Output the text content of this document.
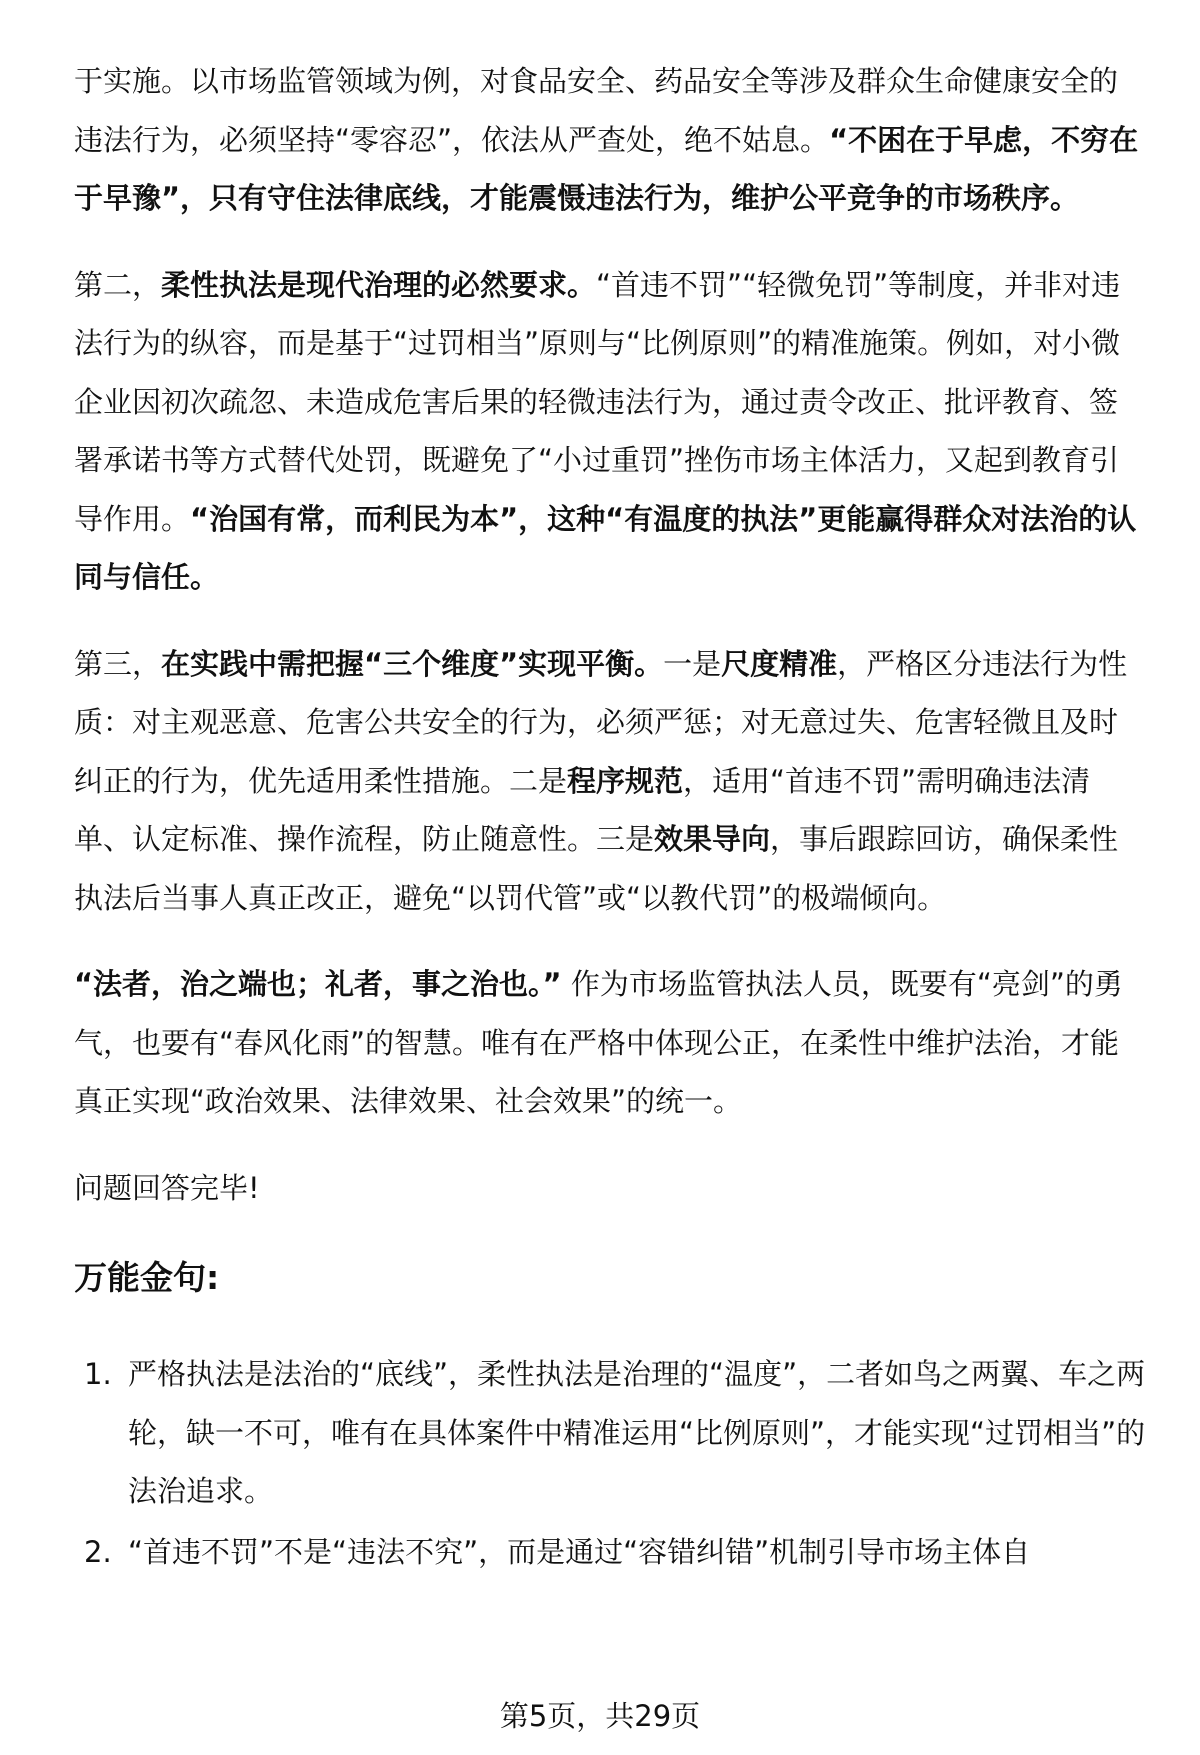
于实施。以市场监管领域为例，对食品安全、药品安全等涉及群众生命健康安全的违法行为，必须坚持“零容忍”，依法从严查处，绝不姑息。“不困在于早虑，不穷在于早豫”，只有守住法律底线，才能震慑违法行为，维护公平竞争的市场秩序。

第二，柔性执法是现代治理的必然要求。“首违不罚”“轻微免罚”等制度，并非对违法行为的纵容，而是基于“过罚相当”原则与“比例原则”的精准施策。例如，对小微企业因初次疏忽、未造成危害后果的轻微违法行为，通过责令改正、批评教育、签署承诺书等方式替代处罚，既避免了“小过重罚”挫伤市场主体活力，又起到教育引导作用。“治国有常，而利民为本”，这种“有温度的执法”更能赢得群众对法治的认同与信任。

第三，在实践中需把握“三个维度”实现平衡。一是尺度精准，严格区分违法行为性质：对主观恶意、危害公共安全的行为，必须严惩；对无意过失、危害轻微且及时纠正的行为，优先适用柔性措施。二是程序规范，适用“首违不罚”需明确违法清单、认定标准、操作流程，防止随意性。三是效果导向，事后跟踪回访，确保柔性执法后当事人真正改正，避免“以罚代管”或“以教代罚”的极端倾向。

“法者，治之端也；礼者，事之治也。” 作为市场监管执法人员，既要有“亮剑”的勇气，也要有“春风化雨”的智慧。唯有在严格中体现公正，在柔性中维护法治，才能真正实现“政治效果、法律效果、社会效果”的统一。

问题回答完毕!

万能金句:
1. 严格执法是法治的“底线”，柔性执法是治理的“温度”，二者如鸟之两翼、车之两轮，缺一不可，唯有在具体案件中精准运用“比例原则”，才能实现“过罚相当”的法治追求。
2. “首违不罚”不是“违法不究”，而是通过“容错纠错”机制引导市场主体自
第5页，共29页
